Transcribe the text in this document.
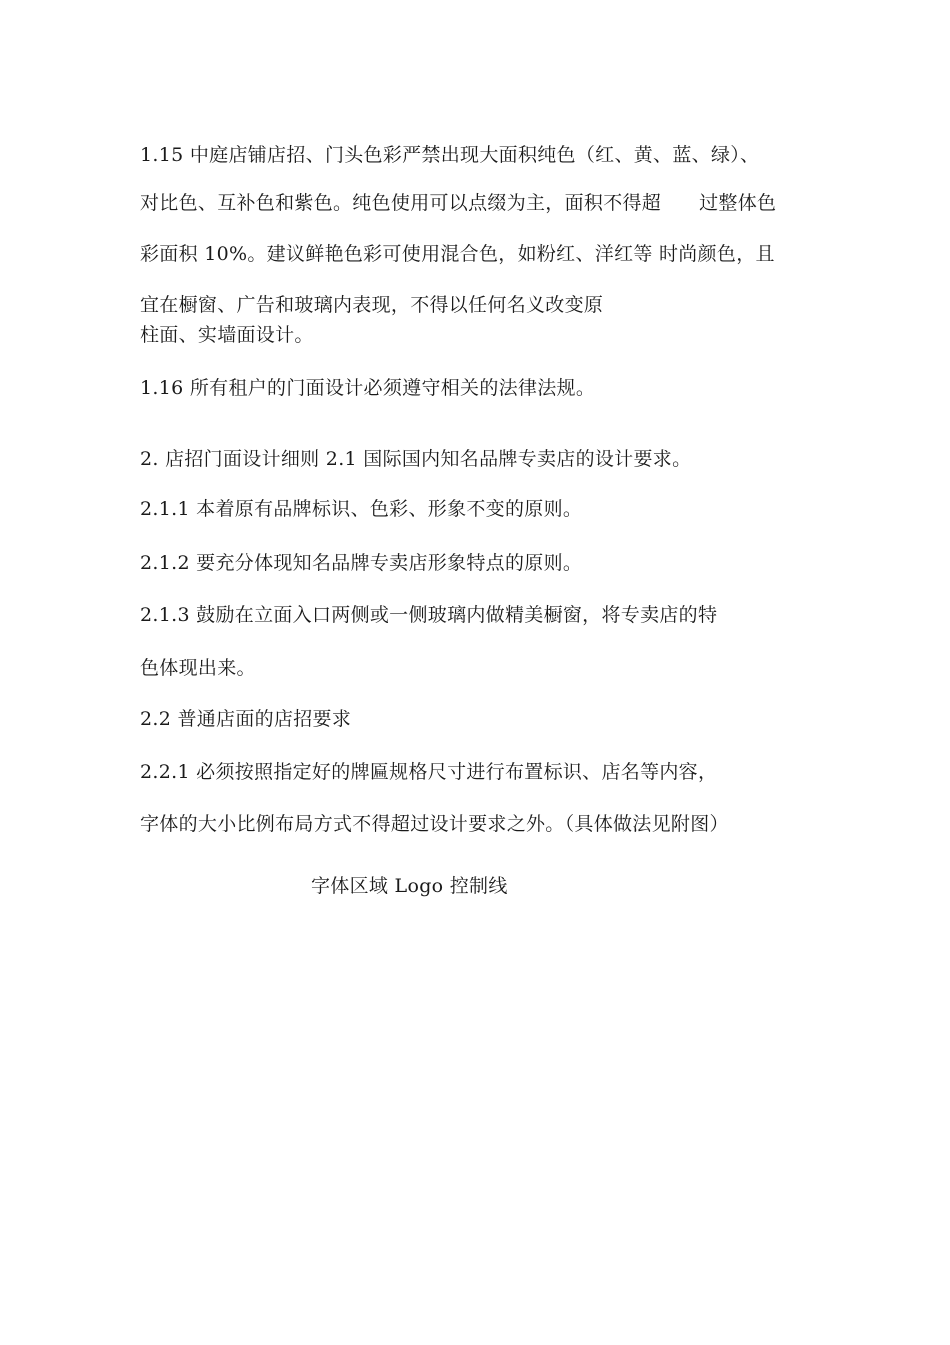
1.15 中庭店铺店招、门头色彩严禁出现大面积纯色（红、黄、蓝、绿）、
对比色、互补色和紫色。纯色使用可以点缀为主，面积不得超 过整体色
彩面积 10%。建议鲜艳色彩可使用混合色，如粉红、洋红等 时尚颜色，且
宜在橱窗、广告和玻璃内表现，不得以任何名义改变原
柱面、实墙面设计。
1.16 所有租户的门面设计必须遵守相关的法律法规。
2. 店招门面设计细则 2.1 国际国内知名品牌专卖店的设计要求。
2.1.1 本着原有品牌标识、色彩、形象不变的原则。
2.1.2 要充分体现知名品牌专卖店形象特点的原则。
2.1.3 鼓励在立面入口两侧或一侧玻璃内做精美橱窗，将专卖店的特
色体现出来。
2.2 普通店面的店招要求
2.2.1 必须按照指定好的牌匾规格尺寸进行布置标识、店名等内容，
字体的大小比例布局方式不得超过设计要求之外。（具体做法见附图）
字体区域 Logo 控制线
